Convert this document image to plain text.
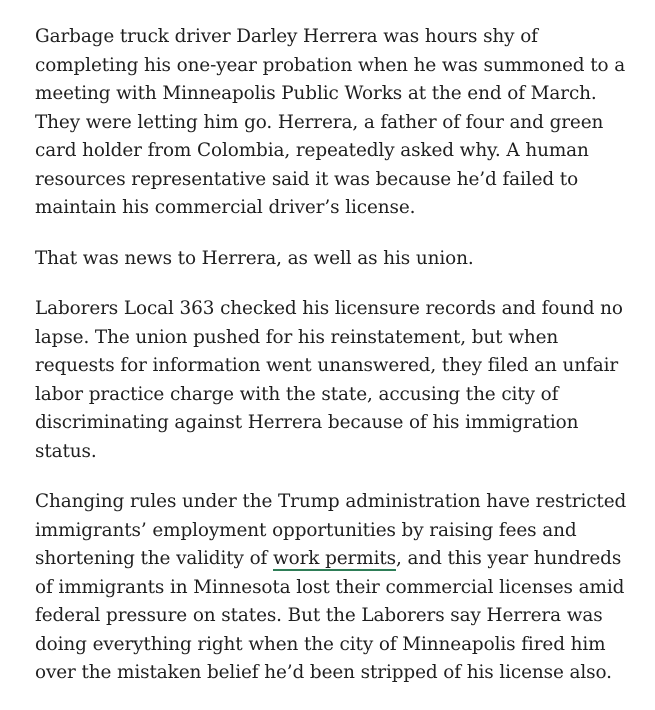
Garbage truck driver Darley Herrera was hours shy of
completing his one-year probation when he was summoned to a
meeting with Minneapolis Public Works at the end of March.
They were letting him go. Herrera, a father of four and green
card holder from Colombia, repeatedly asked why. A human
resources representative said it was because he’d failed to
maintain his commercial driver’s license.

That was news to Herrera, as well as his union.

Laborers Local 363 checked his licensure records and found no
lapse. The union pushed for his reinstatement, but when
requests for information went unanswered, they filed an unfair
labor practice charge with the state, accusing the city of
discriminating against Herrera because of his immigration
status.

Changing rules under the Trump administration have restricted
immigrants’ employment opportunities by raising fees and
shortening the validity of work permits, and this year hundreds
of immigrants in Minnesota lost their commercial licenses amid
federal pressure on states. But the Laborers say Herrera was
doing everything right when the city of Minneapolis fired him
over the mistaken belief he’d been stripped of his license also.
